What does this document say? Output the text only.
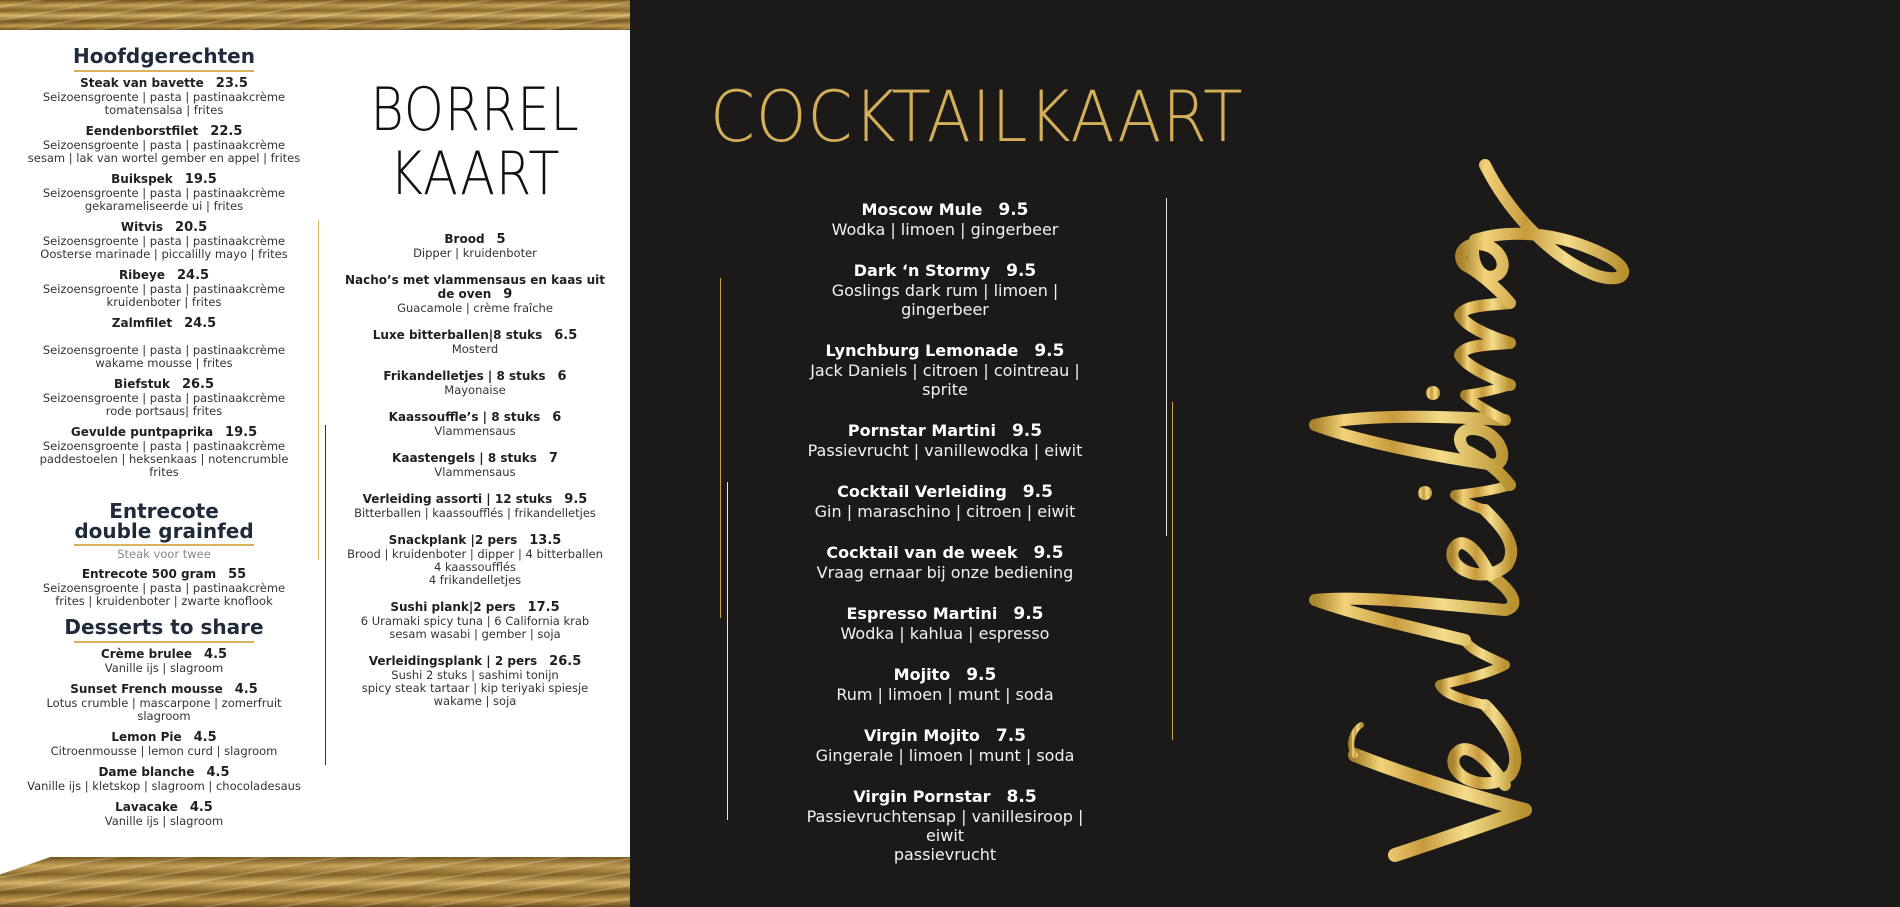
Hoofdgerechten
Steak van bavette 23.5
Seizoensgroente | pasta | pastinaakcrème
tomatensalsa | frites
Eendenborstfilet 22.5
Seizoensgroente | pasta | pastinaakcrème
sesam | lak van wortel gember en appel | frites
Buikspek 19.5
Seizoensgroente | pasta | pastinaakcrème
gekarameliseerde ui | frites
Witvis 20.5
Seizoensgroente | pasta | pastinaakcrème
Oosterse marinade | piccalilly mayo | frites
Ribeye 24.5
Seizoensgroente | pasta | pastinaakcrème
kruidenboter | frites
Zalmfilet 24.5

Seizoensgroente | pasta | pastinaakcrème
wakame mousse | frites
Biefstuk 26.5
Seizoensgroente | pasta | pastinaakcrème
rode portsaus| frites
Gevulde puntpaprika 19.5
Seizoensgroente | pasta | pastinaakcrème
paddestoelen | heksenkaas | notencrumble
frites
Entrecote
double grainfed
Steak voor twee
Entrecote 500 gram 55
Seizoensgroente | pasta | pastinaakcrème
frites | kruidenboter | zwarte knoflook
Desserts to share
Crème brulee 4.5
Vanille ijs | slagroom
Sunset French mousse 4.5
Lotus crumble | mascarpone | zomerfruit
slagroom
Lemon Pie 4.5
Citroenmousse | lemon curd | slagroom
Dame blanche 4.5
Vanille ijs | kletskop | slagroom | chocoladesaus
Lavacake 4.5
Vanille ijs | slagroom
BORREL
KAART
Brood 5
Dipper | kruidenboter
Nacho’s met vlammensaus en kaas uit de oven 9
Guacamole | crème fraîche
Luxe bitterballen|8 stuks 6.5
Mosterd
Frikandelletjes | 8 stuks 6
Mayonaise
Kaassouffle’s | 8 stuks 6
Vlammensaus
Kaastengels | 8 stuks 7
Vlammensaus
Verleiding assorti | 12 stuks 9.5
Bitterballen | kaassoufflés | frikandelletjes
Snackplank |2 pers 13.5
Brood | kruidenboter | dipper | 4 bitterballen
4 kaassoufflés
4 frikandelletjes
Sushi plank|2 pers 17.5
6 Uramaki spicy tuna | 6 California krab
sesam wasabi | gember | soja
Verleidingsplank | 2 pers 26.5
Sushi 2 stuks | sashimi tonijn
spicy steak tartaar | kip teriyaki spiesje
wakame | soja
COCKTAILKAART
Moscow Mule 9.5
Wodka | limoen | gingerbeer
Dark ‘n Stormy 9.5
Goslings dark rum | limoen | gingerbeer
Lynchburg Lemonade 9.5
Jack Daniels | citroen | cointreau | sprite
Pornstar Martini 9.5
Passievrucht | vanillewodka | eiwit
Cocktail Verleiding 9.5
Gin | maraschino | citroen | eiwit
Cocktail van de week 9.5
Vraag ernaar bij onze bediening
Espresso Martini 9.5
Wodka | kahlua | espresso
Mojito 9.5
Rum | limoen | munt | soda
Virgin Mojito 7.5
Gingerale | limoen | munt | soda
Virgin Pornstar 8.5
Passievruchtensap | vanillesiroop | eiwit
passievrucht
